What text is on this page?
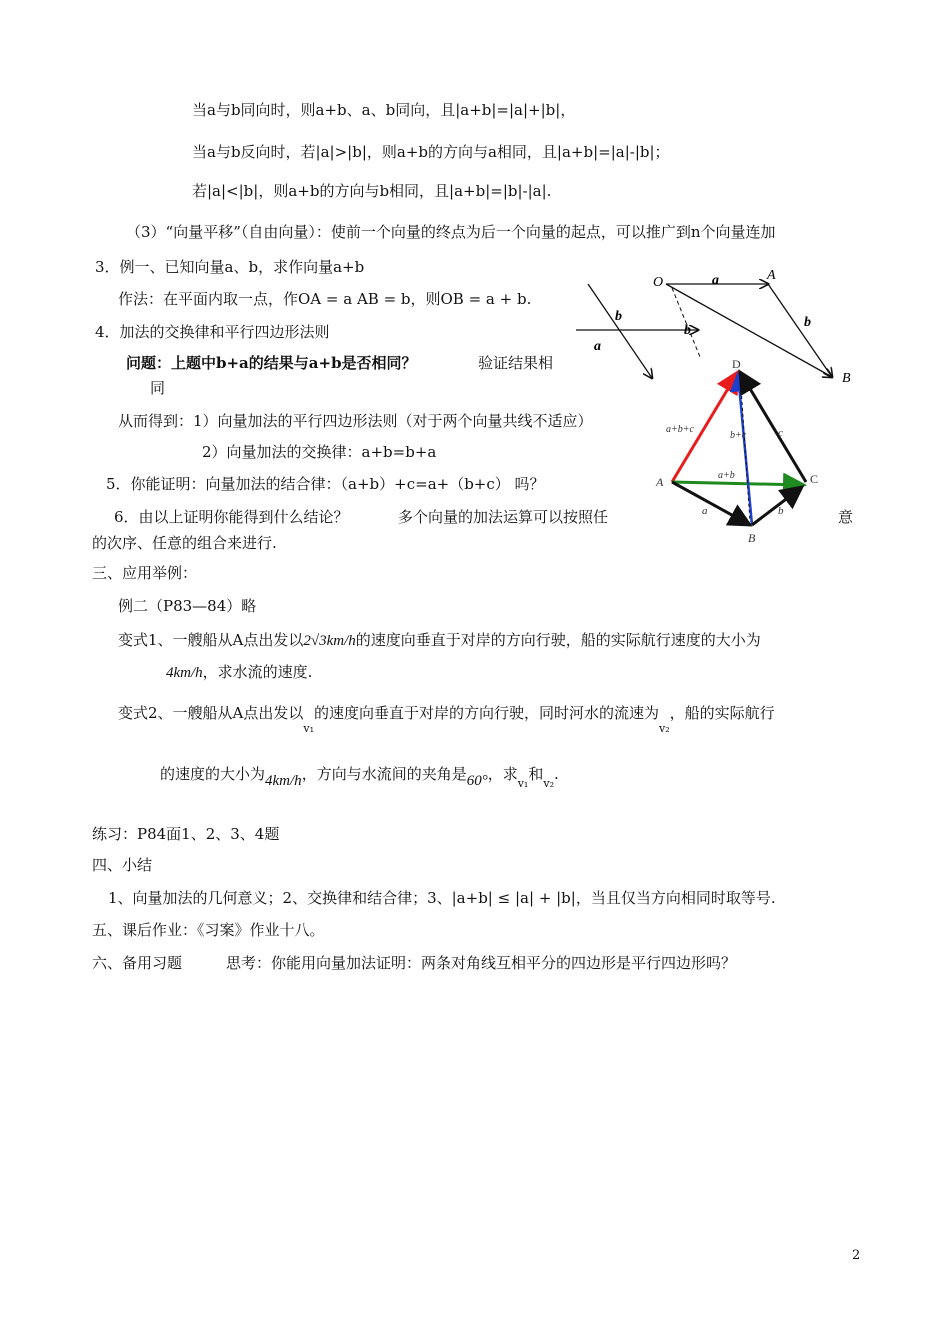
当a与b同向时，则a+b、a、b同向，且|a+b|=|a|+|b|，
当a与b反向时，若|a|>|b|，则a+b的方向与a相同，且|a+b|=|a|-|b|；
若|a|<|b|，则a+b的方向与b相同，且|a+b|=|b|-|a|.
（3）“向量平移”（自由向量）：使前一个向量的终点为后一个向量的起点，可以推广到n个向量连加
3．例一、已知向量a、b，求作向量a+b
作法：在平面内取一点，作OA = a AB = b，则OB = a + b.
4．加法的交换律和平行四边形法则
问题：上题中b+a的结果与a+b是否相同？	验证结果相
同
从而得到：1）向量加法的平行四边形法则（对于两个向量共线不适应）
2）向量加法的交换律：a+b=b+a
5．你能证明：向量加法的结合律：（a+b）+c=a+（b+c） 吗？
6．由以上证明你能得到什么结论？	多个向量的加法运算可以按照任	意
的次序、任意的组合来进行.
三、应用举例：
例二（P83—84）略
变式1、一艘船从A点出发以2√3km/h的速度向垂直于对岸的方向行驶，船的实际航行速度的大小为
4km/h，求水流的速度.
变式2、一艘船从A点出发以$_{v_1}$的速度向垂直于对岸的方向行驶，同时河水的流速为$_{v_2}$，船的实际航行
的速度的大小为4km/h，方向与水流间的夹角是60°，求$_{v_1}$和$_{v_2}$.
练习：P84面1、2、3、4题
四、小结
1、向量加法的几何意义；2、交换律和结合律；3、|a+b| ≤ |a| + |b|，当且仅当方向相同时取等号.
五、课后作业：《习案》作业十八。
六、备用习题	思考：你能用向量加法证明：两条对角线互相平分的四边形是平行四边形吗？
2
O	A
B
a
b
b
b
a
D
A
B
C
a+b+c
b+c	c
a+b
a	b
